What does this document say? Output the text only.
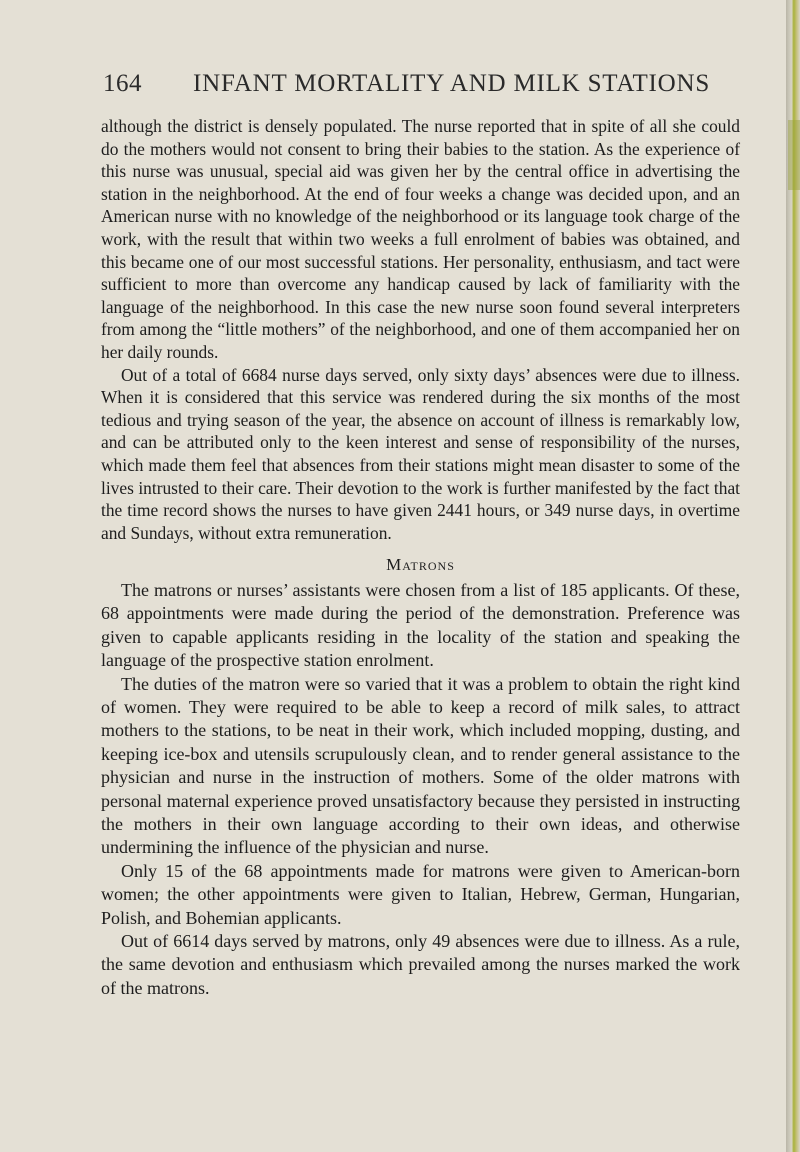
164	INFANT MORTALITY AND MILK STATIONS

although the district is densely populated. The nurse reported that in spite of all she could do the mothers would not consent to bring their babies to the station. As the experience of this nurse was unusual, special aid was given her by the central office in advertising the station in the neighborhood. At the end of four weeks a change was decided upon, and an American nurse with no knowledge of the neighborhood or its language took charge of the work, with the result that within two weeks a full enrolment of babies was obtained, and this became one of our most successful stations. Her personality, enthusiasm, and tact were sufficient to more than overcome any handicap caused by lack of familiarity with the language of the neighborhood. In this case the new nurse soon found several interpreters from among the “little mothers” of the neighborhood, and one of them accompanied her on her daily rounds.

Out of a total of 6684 nurse days served, only sixty days’ absences were due to illness. When it is considered that this service was rendered during the six months of the most tedious and trying season of the year, the absence on account of illness is remarkably low, and can be attributed only to the keen interest and sense of responsibility of the nurses, which made them feel that absences from their stations might mean disaster to some of the lives intrusted to their care. Their devotion to the work is further manifested by the fact that the time record shows the nurses to have given 2441 hours, or 349 nurse days, in overtime and Sundays, without extra remuneration.

Matrons

The matrons or nurses’ assistants were chosen from a list of 185 applicants. Of these, 68 appointments were made during the period of the demonstration. Preference was given to capable applicants residing in the locality of the station and speaking the language of the prospective station enrolment.

The duties of the matron were so varied that it was a problem to obtain the right kind of women. They were required to be able to keep a record of milk sales, to attract mothers to the stations, to be neat in their work, which included mopping, dusting, and keeping ice-box and utensils scrupulously clean, and to render general assistance to the physician and nurse in the instruction of mothers. Some of the older matrons with personal maternal experience proved unsatisfactory because they persisted in instructing the mothers in their own language according to their own ideas, and otherwise undermining the influence of the physician and nurse.

Only 15 of the 68 appointments made for matrons were given to American-born women; the other appointments were given to Italian, Hebrew, German, Hungarian, Polish, and Bohemian applicants.

Out of 6614 days served by matrons, only 49 absences were due to illness. As a rule, the same devotion and enthusiasm which prevailed among the nurses marked the work of the matrons.
